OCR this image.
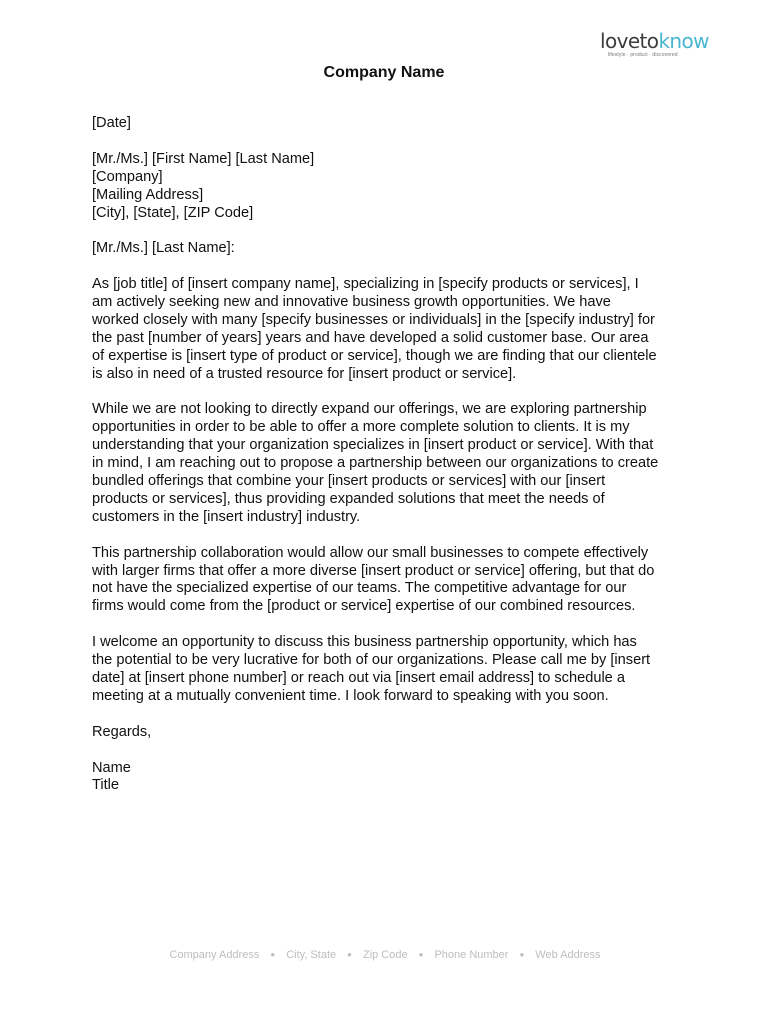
lovetoknow
lifestyle · product · discovered
Company Name

[Date]

[Mr./Ms.] [First Name] [Last Name]
[Company]
[Mailing Address]
[City], [State], [ZIP Code]

[Mr./Ms.] [Last Name]:

As [job title] of [insert company name], specializing in [specify products or services], I
am actively seeking new and innovative business growth opportunities. We have
worked closely with many [specify businesses or individuals] in the [specify industry] for
the past [number of years] years and have developed a solid customer base. Our area
of expertise is [insert type of product or service], though we are finding that our clientele
is also in need of a trusted resource for [insert product or service].

While we are not looking to directly expand our offerings, we are exploring partnership
opportunities in order to be able to offer a more complete solution to clients. It is my
understanding that your organization specializes in [insert product or service]. With that
in mind, I am reaching out to propose a partnership between our organizations to create
bundled offerings that combine your [insert products or services] with our [insert
products or services], thus providing expanded solutions that meet the needs of
customers in the [insert industry] industry.

This partnership collaboration would allow our small businesses to compete effectively
with larger firms that offer a more diverse [insert product or service] offering, but that do
not have the specialized expertise of our teams. The competitive advantage for our
firms would come from the [product or service] expertise of our combined resources.

I welcome an opportunity to discuss this business partnership opportunity, which has
the potential to be very lucrative for both of our organizations. Please call me by [insert
date] at [insert phone number] or reach out via [insert email address] to schedule a
meeting at a mutually convenient time. I look forward to speaking with you soon.

Regards,

Name
Title

Company Address ● City, State ● Zip Code ● Phone Number ● Web Address
